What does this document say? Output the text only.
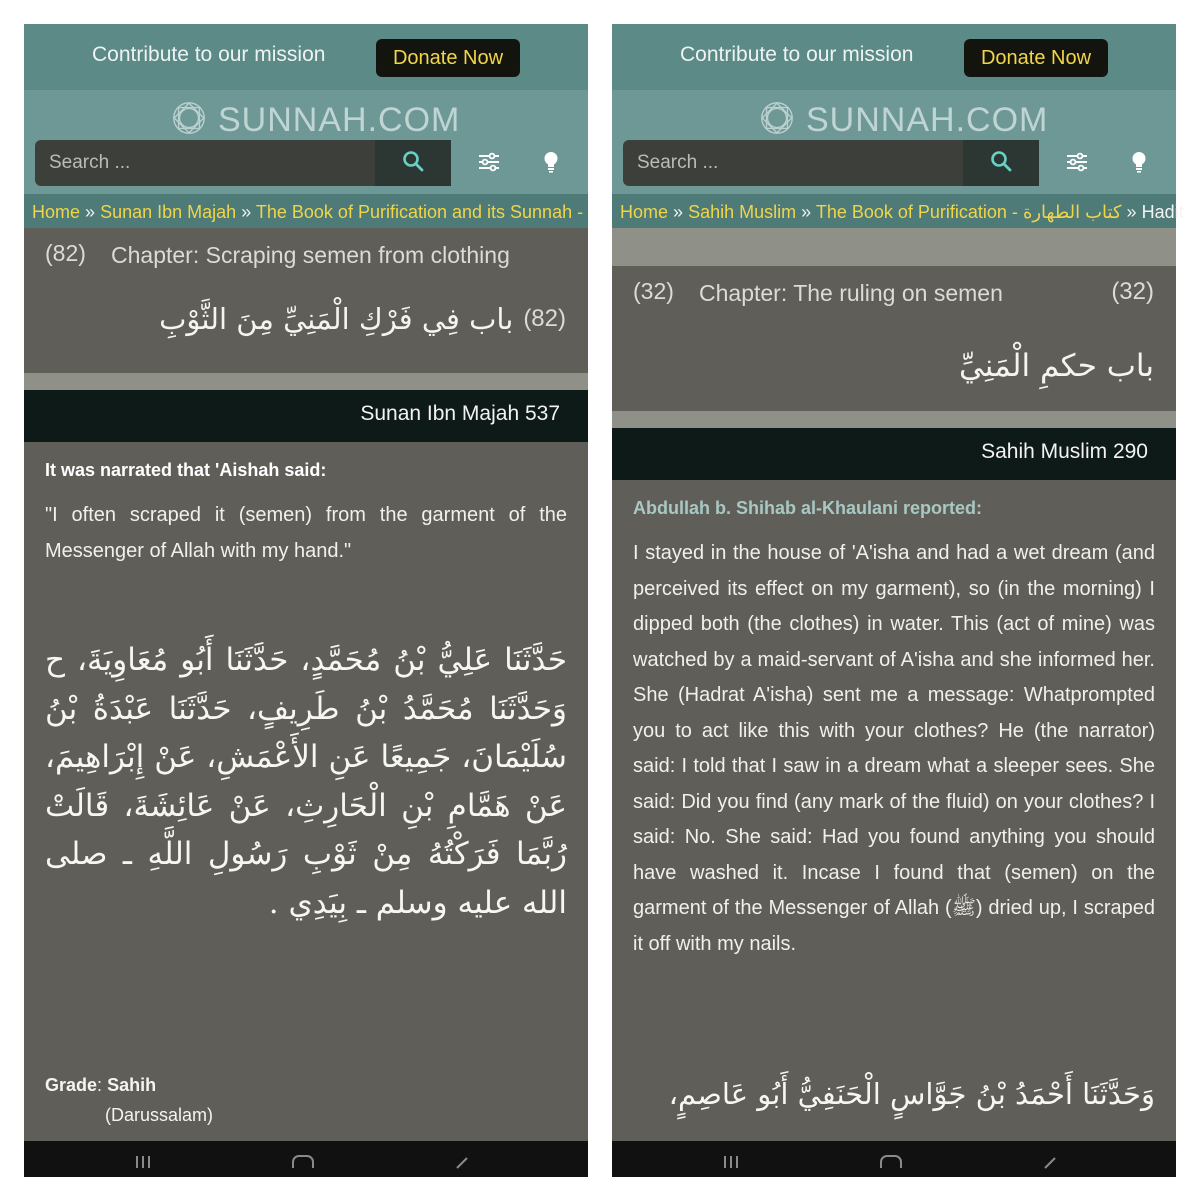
Contribute to our mission	Donate Now
SUNNAH.COM
Search ...
Home » Sunan Ibn Majah » The Book of Purification and its Sunnah -
(82) Chapter: Scraping semen from clothing
باب فِي فَرْكِ الْمَنِيِّ مِنَ الثَّوْبِ (82)
Sunan Ibn Majah 537
It was narrated that 'Aishah said:
"I often scraped it (semen) from the garment of the Messenger of Allah with my hand."
حَدَّثَنَا عَلِيُّ بْنُ مُحَمَّدٍ، حَدَّثَنَا أَبُو مُعَاوِيَةَ، ح وَحَدَّثَنَا مُحَمَّدُ بْنُ طَرِيفٍ، حَدَّثَنَا عَبْدَةُ بْنُ سُلَيْمَانَ، جَمِيعًا عَنِ الأَعْمَشِ، عَنْ إِبْرَاهِيمَ، عَنْ هَمَّامِ بْنِ الْحَارِثِ، عَنْ عَائِشَةَ، قَالَتْ رُبَّمَا فَرَكْتُهُ مِنْ ثَوْبِ رَسُولِ اللَّهِ ـ صلى الله عليه وسلم ـ بِيَدِي .
Grade: Sahih
(Darussalam)
Contribute to our mission	Donate Now
SUNNAH.COM
Search ...
Home » Sahih Muslim » The Book of Purification - كتاب الطهارة » Hadit
(32) Chapter: The ruling on semen	(32)
باب حكمِ الْمَنِيِّ
Sahih Muslim 290
Abdullah b. Shihab al-Khaulani reported:
I stayed in the house of 'A'isha and had a wet dream (and perceived its effect on my garment), so (in the morning) I dipped both (the clothes) in water. This (act of mine) was watched by a maid-servant of A'isha and she informed her. She (Hadrat A'isha) sent me a message: Whatprompted you to act like this with your clothes? He (the narrator) said: I told that I saw in a dream what a sleeper sees. She said: Did you find (any mark of the fluid) on your clothes? I said: No. She said: Had you found anything you should have washed it. Incase I found that (semen) on the garment of the Messenger of Allah (ﷺ) dried up, I scraped it off with my nails.
وَحَدَّثَنَا أَحْمَدُ بْنُ جَوَّاسٍ الْحَنَفِيُّ أَبُو عَاصِمٍ،
